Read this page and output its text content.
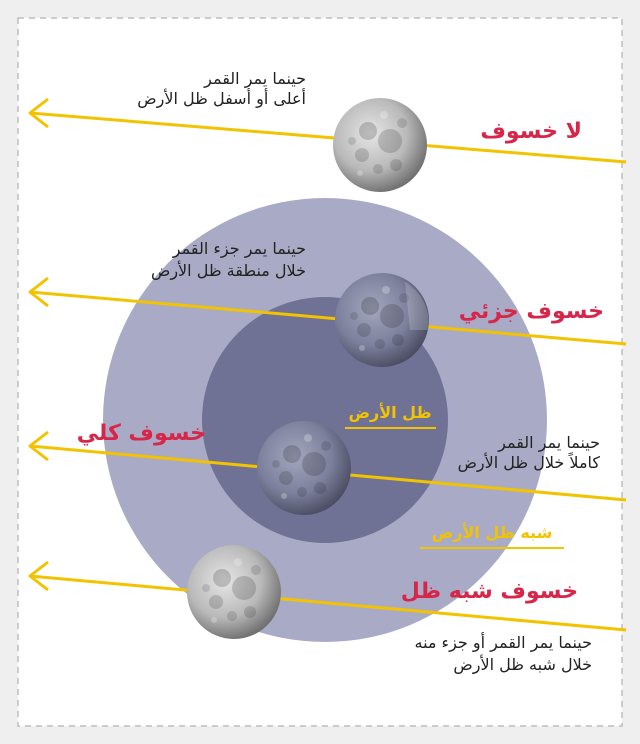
ظل الأرض
شبه ظل الأرض
حينما يمر القمر
أعلى أو أسفل ظل الأرض
لا خسوف
حينما يمر جزء القمر
خلال منطقة ظل الأرض
خسوف جزئي
خسوف كلي	حينما يمر القمر
كاملاً خلال ظل الأرض
خسوف شبه ظل
حينما يمر القمر أو جزء منه
خلال شبه ظل الأرض
